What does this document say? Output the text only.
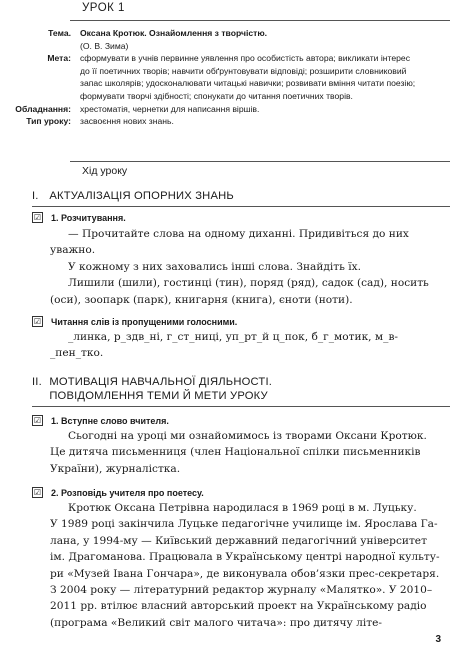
УРОК 1
Тема. Оксана Кротюк. Ознайомлення з творчістю.
(О. В. Зима)
Мета: сформувати в учнів первинне уявлення про особистість автора; викликати інтерес
до її поетичних творів; навчити обґрунтовувати відповіді; розширити словниковий
запас школярів; удосконалювати читацькі навички; розвивати вміння читати поезію;
формувати творчі здібності; спонукати до читання поетичних творів.
Обладнання: хрестоматія, чернетки для написання віршів.
Тип уроку: засвоєння нових знань.
Хід уроку
I. АКТУАЛІЗАЦІЯ ОПОРНИХ ЗНАНЬ
☑ 1. Розчитування.
— Прочитайте слова на одному диханні. Придивіться до них
уважно.
У кожному з них заховались інші слова. Знайдіть їх.
Лишили (шили), гостинці (тин), поряд (ряд), садок (сад), носить
(оси), зоопарк (парк), книгарня (книга), єноти (ноти).
☑ Читання слів із пропущеними голосними.
_линка, р_здв_ні, г_ст_ниці, уп_рт_й ц_пок, б_г_мотик, м_в-
_пен_тко.
II. МОТИВАЦІЯ НАВЧАЛЬНОЇ ДІЯЛЬНОСТІ.
ПОВІДОМЛЕННЯ ТЕМИ Й МЕТИ УРОКУ
☑ 1. Вступне слово вчителя.
Сьогодні на уроці ми ознайомимось із творами Оксани Кротюк.
Це дитяча письменниця (член Національної спілки письменників
України), журналістка.
☑ 2. Розповідь учителя про поетесу.
Кротюк Оксана Петрівна народилася в 1969 році в м. Луцьку.
У 1989 році закінчила Луцьке педагогічне училище ім. Ярослава Га-
лана, у 1994-му — Київський державний педагогічний університет
ім. Драгоманова. Працювала в Українському центрі народної культу-
ри «Музей Івана Гончара», де виконувала обов’язки прес-секретаря.
З 2004 року — літературний редактор журналу «Малятко». У 2010–
2011 рр. втілює власний авторський проект на Українському радіо
(програма «Великий світ малого читача»: про дитячу літе-
3
